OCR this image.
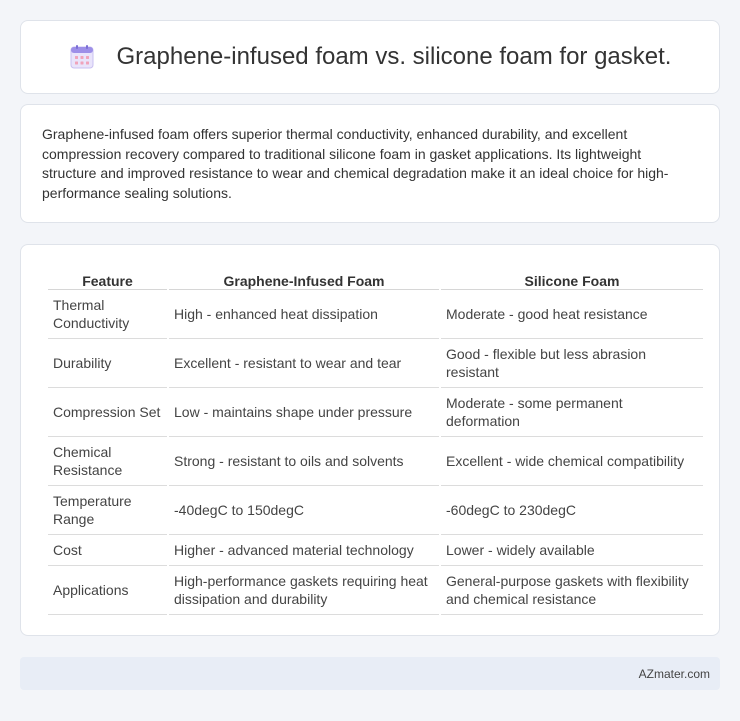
Graphene-infused foam vs. silicone foam for gasket.

Graphene-infused foam offers superior thermal conductivity, enhanced durability, and excellent compression recovery compared to traditional silicone foam in gasket applications. Its lightweight structure and improved resistance to wear and chemical degradation make it an ideal choice for high-performance sealing solutions.

Feature	Graphene-Infused Foam	Silicone Foam
Thermal Conductivity	High - enhanced heat dissipation	Moderate - good heat resistance
Durability	Excellent - resistant to wear and tear	Good - flexible but less abrasion resistant
Compression Set	Low - maintains shape under pressure	Moderate - some permanent deformation
Chemical Resistance	Strong - resistant to oils and solvents	Excellent - wide chemical compatibility
Temperature Range	-40degC to 150degC	-60degC to 230degC
Cost	Higher - advanced material technology	Lower - widely available
Applications	High-performance gaskets requiring heat dissipation and durability	General-purpose gaskets with flexibility and chemical resistance
AZmater.com
